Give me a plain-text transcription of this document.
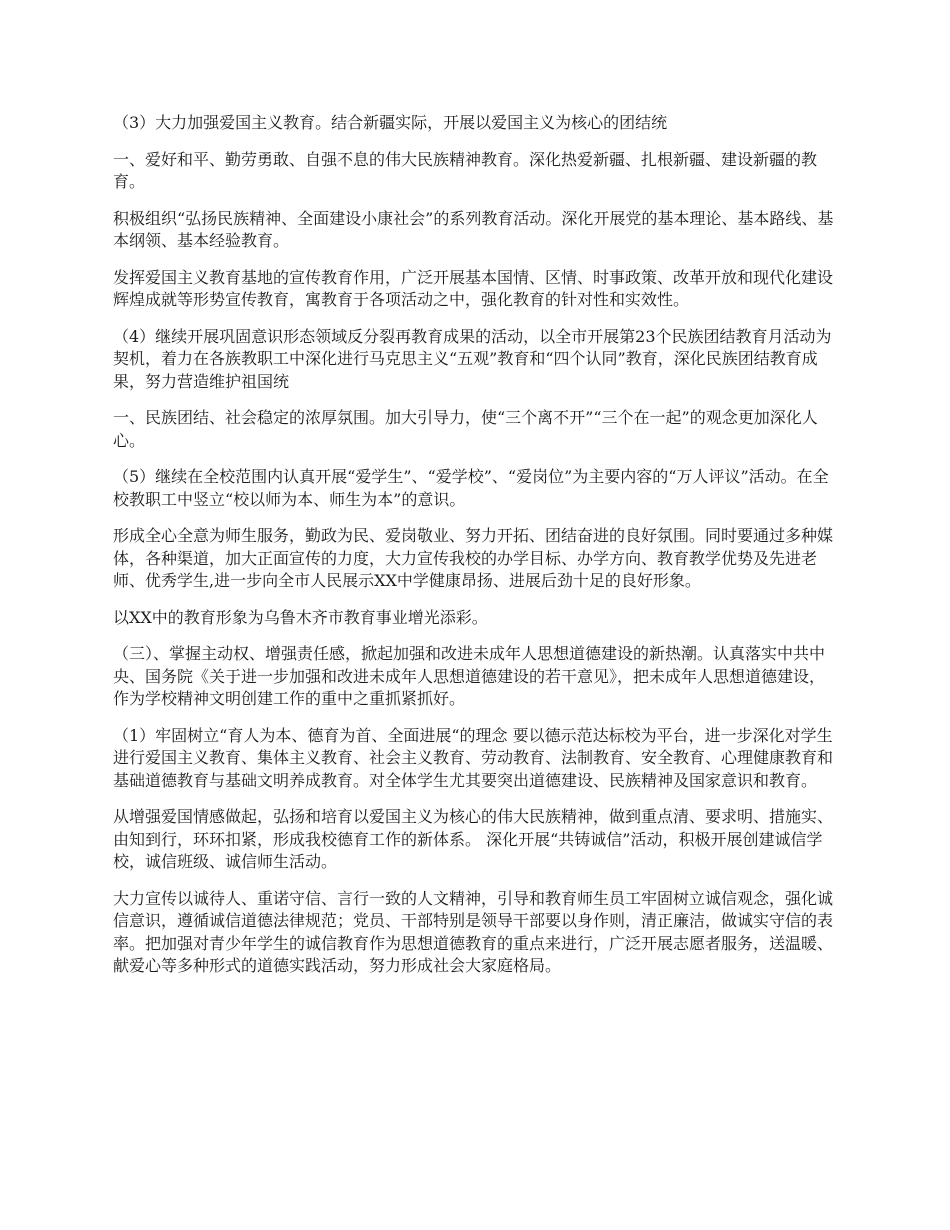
（3）大力加强爱国主义教育。结合新疆实际，开展以爱国主义为核心的团结统

一、爱好和平、勤劳勇敢、自强不息的伟大民族精神教育。深化热爱新疆、扎根新疆、建设新疆的教育。

积极组织“弘扬民族精神、全面建设小康社会”的系列教育活动。深化开展党的基本理论、基本路线、基本纲领、基本经验教育。

发挥爱国主义教育基地的宣传教育作用，广泛开展基本国情、区情、时事政策、改革开放和现代化建设辉煌成就等形势宣传教育，寓教育于各项活动之中，强化教育的针对性和实效性。

（4）继续开展巩固意识形态领域反分裂再教育成果的活动，以全市开展第23个民族团结教育月活动为契机，着力在各族教职工中深化进行马克思主义“五观”教育和“四个认同”教育，深化民族团结教育成果，努力营造维护祖国统

一、民族团结、社会稳定的浓厚氛围。加大引导力，使“三个离不开”“三个在一起”的观念更加深化人心。

（5）继续在全校范围内认真开展“爱学生”、“爱学校”、“爱岗位”为主要内容的“万人评议”活动。在全校教职工中竖立“校以师为本、师生为本”的意识。

形成全心全意为师生服务，勤政为民、爱岗敬业、努力开拓、团结奋进的良好氛围。同时要通过多种媒体，各种渠道，加大正面宣传的力度，大力宣传我校的办学目标、办学方向、教育教学优势及先进老师、优秀学生,进一步向全市人民展示XX中学健康昂扬、进展后劲十足的良好形象。

以XX中的教育形象为乌鲁木齐市教育事业增光添彩。

（三）、掌握主动权、增强责任感，掀起加强和改进未成年人思想道德建设的新热潮。认真落实中共中央、国务院《关于进一步加强和改进未成年人思想道德建设的若干意见》，把未成年人思想道德建设，作为学校精神文明创建工作的重中之重抓紧抓好。

（1）牢固树立“育人为本、德育为首、全面进展“的理念 要以德示范达标校为平台，进一步深化对学生进行爱国主义教育、集体主义教育、社会主义教育、劳动教育、法制教育、安全教育、心理健康教育和基础道德教育与基础文明养成教育。对全体学生尤其要突出道德建设、民族精神及国家意识和教育。

从增强爱国情感做起，弘扬和培育以爱国主义为核心的伟大民族精神，做到重点清、要求明、措施实、由知到行，环环扣紧，形成我校德育工作的新体系。 深化开展“共铸诚信”活动，积极开展创建诚信学校，诚信班级、诚信师生活动。

大力宣传以诚待人、重诺守信、言行一致的人文精神，引导和教育师生员工牢固树立诚信观念，强化诚信意识，遵循诚信道德法律规范；党员、干部特别是领导干部要以身作则，清正廉洁，做诚实守信的表率。把加强对青少年学生的诚信教育作为思想道德教育的重点来进行，广泛开展志愿者服务，送温暖、献爱心等多种形式的道德实践活动，努力形成社会大家庭格局。
